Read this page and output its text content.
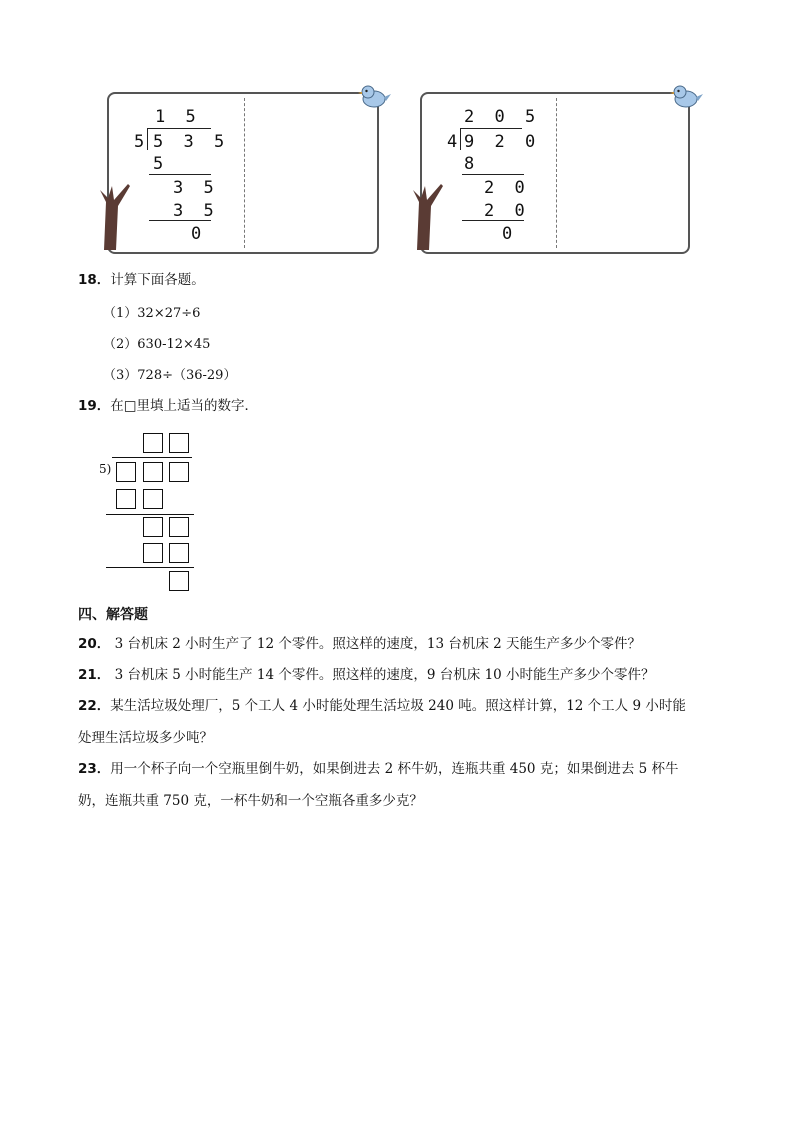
1 5
5 5 3 5
5
3 5
3 5
0
2 0 5
4 9 2 0
8
2 0
2 0
0
18．计算下面各题。
（1）32×27÷6
（2）630-12×45
（3）728÷（36-29）
19．在□里填上适当的数字．
5)
四、解答题
20． 3 台机床 2 小时生产了 12 个零件。照这样的速度，13 台机床 2 天能生产多少个零件？
21． 3 台机床 5 小时能生产 14 个零件。照这样的速度，9 台机床 10 小时能生产多少个零件？
22．某生活垃圾处理厂，5 个工人 4 小时能处理生活垃圾 240 吨。照这样计算，12 个工人 9 小时能
处理生活垃圾多少吨？
23．用一个杯子向一个空瓶里倒牛奶，如果倒进去 2 杯牛奶，连瓶共重 450 克；如果倒进去 5 杯牛
奶，连瓶共重 750 克，一杯牛奶和一个空瓶各重多少克？
